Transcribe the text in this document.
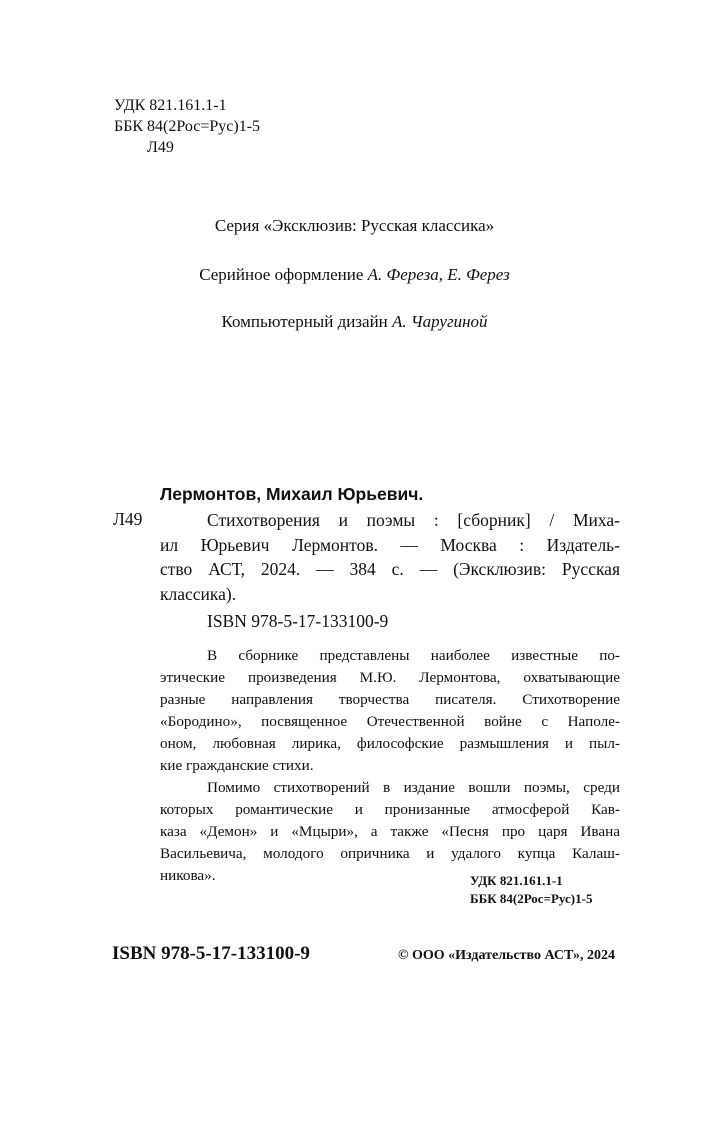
УДК 821.161.1-1
ББК 84(2Рос=Рус)1-5
Л49
Серия «Эксклюзив: Русская классика»
Серийное оформление А. Фереза, Е. Ферез
Компьютерный дизайн А. Чаругиной
Лермонтов, Михаил Юрьевич.
Л49	Стихотворения и поэмы : [сборник] / Миха-
ил Юрьевич Лермонтов. — Москва : Издатель-
ство АСТ, 2024. — 384 с. — (Эксклюзив: Русская
классика).
ISBN 978-5-17-133100-9
В сборнике представлены наиболее известные по-
этические произведения М.Ю. Лермонтова, охватывающие
разные направления творчества писателя. Стихотворение
«Бородино», посвященное Отечественной войне с Наполе-
оном, любовная лирика, философские размышления и пыл-
кие гражданские стихи.
Помимо стихотворений в издание вошли поэмы, среди
которых романтические и пронизанные атмосферой Кав-
каза «Демон» и «Мцыри», а также «Песня про царя Ивана
Васильевича, молодого опричника и удалого купца Калаш-
никова».	УДК 821.161.1-1
ББК 84(2Рос=Рус)1-5
ISBN 978-5-17-133100-9	© ООО «Издательство АСТ», 2024
